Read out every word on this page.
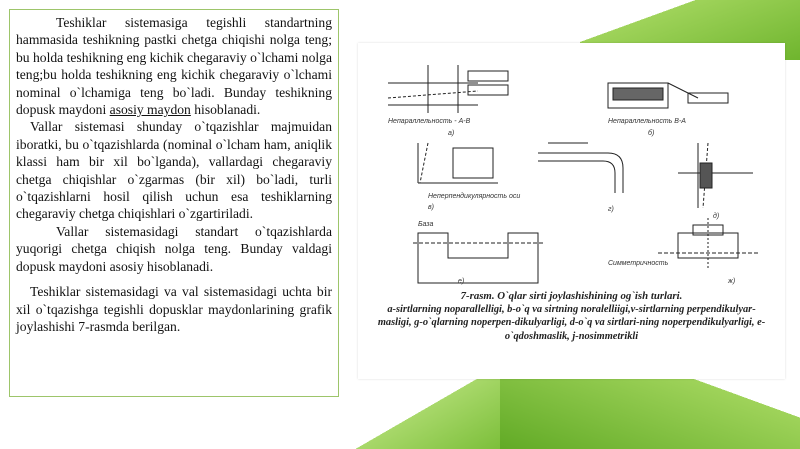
Teshiklar sistemasiga tegishli standartning hammasida teshikning pastki chetga chiqishi nolga teng; bu holda teshikning eng kichik chegaraviy o`lchami nolga teng;bu holda teshikning eng kichik chegaraviy o`lchami nominal o`lchamiga teng bo`ladi. Bunday teshikning dopusk maydoni asosiy maydon hisoblanadi.

Vallar sistemasi shunday o`tqazishlar majmuidan iboratki, bu o`tqazishlarda (nominal o`lcham ham, aniqlik klassi ham bir xil bo`lganda), vallardagi chegaraviy chetga chiqishlar o`zgarmas (bir xil) bo`ladi, turli o`tqazishlarni hosil qilish uchun esa teshiklarning chegaraviy chetga chiqishlari o`zgartiriladi.

Vallar sistemasidagi standart o`tqazishlarda yuqorigi chetga chiqish nolga teng. Bunday valdagi dopusk maydoni asosiy hisoblanadi.

Teshiklar sistemasidagi va val sistemasidagi uchta bir xil o`tqazishga tegishli dopusklar maydonlarining grafik joylashishi 7-rasmda berilgan.

Непараллельность - А-В
а)
Непараллельность В-А
б)
г)
д)
Неперпендикулярность оси
в)
База
е)
Симметричность
ж)
7-rasm. O`qlar sirti joylashishining og`ish turlari.
a-sirtlarning noparallelligi, b-o`q va sirtning noralelliigi,v-sirtlarning perpendikulyar-
masligi, g-o`qlarning noperpen-dikulyarligi, d-o`q va sirtlari-ning noperpendikulyarligi, e-
o`qdoshmaslik, j-nosimmetrikli
